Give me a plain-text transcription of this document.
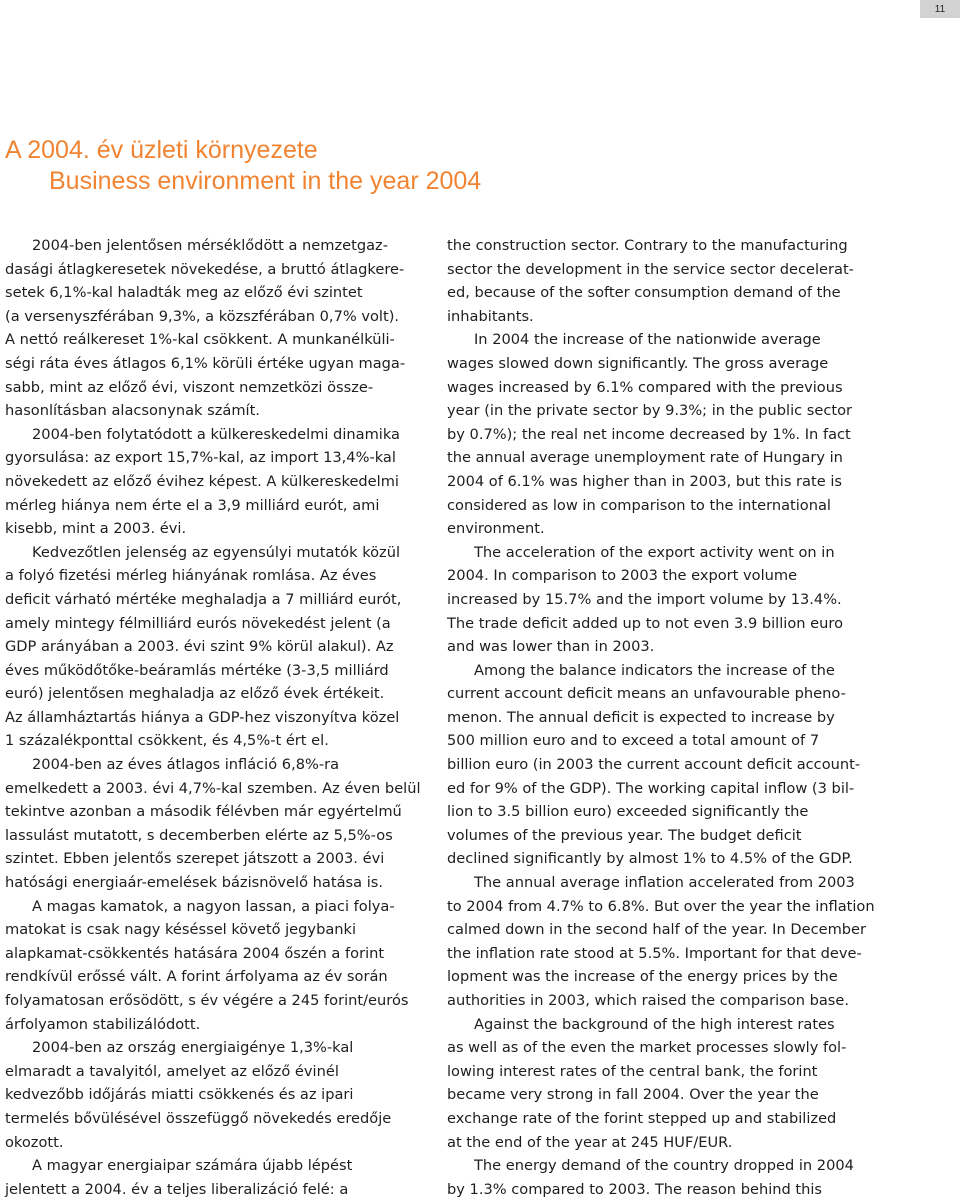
11
A 2004. év üzleti környezete
Business environment in the year 2004

2004-ben jelentősen mérséklődött a nemzetgaz-

dasági átlagkeresetek növekedése, a bruttó átlagkere-

setek 6,1%-kal haladták meg az előző évi szintet

(a versenyszférában 9,3%, a közszférában 0,7% volt).

A nettó reálkereset 1%-kal csökkent. A munkanélküli-

ségi ráta éves átlagos 6,1% körüli értéke ugyan maga-

sabb, mint az előző évi, viszont nemzetközi össze-

hasonlításban alacsonynak számít.

2004-ben folytatódott a külkereskedelmi dinamika

gyorsulása: az export 15,7%-kal, az import 13,4%-kal

növekedett az előző évihez képest. A külkereskedelmi

mérleg hiánya nem érte el a 3,9 milliárd eurót, ami

kisebb, mint a 2003. évi.

Kedvezőtlen jelenség az egyensúlyi mutatók közül

a folyó fizetési mérleg hiányának romlása. Az éves

deficit várható mértéke meghaladja a 7 milliárd eurót,

amely mintegy félmilliárd eurós növekedést jelent (a

GDP arányában a 2003. évi szint 9% körül alakul). Az

éves működőtőke-beáramlás mértéke (3-3,5 milliárd

euró) jelentősen meghaladja az előző évek értékeit.

Az államháztartás hiánya a GDP-hez viszonyítva közel

1 százalékponttal csökkent, és 4,5%-t ért el.

2004-ben az éves átlagos infláció 6,8%-ra

emelkedett a 2003. évi 4,7%-kal szemben. Az éven belül

tekintve azonban a második félévben már egyértelmű

lassulást mutatott, s decemberben elérte az 5,5%-os

szintet. Ebben jelentős szerepet játszott a 2003. évi

hatósági energiaár-emelések bázisnövelő hatása is.

A magas kamatok, a nagyon lassan, a piaci folya-

matokat is csak nagy késéssel követő jegybanki

alapkamat-csökkentés hatására 2004 őszén a forint

rendkívül erőssé vált. A forint árfolyama az év során

folyamatosan erősödött, s év végére a 245 forint/eurós

árfolyamon stabilizálódott.

2004-ben az ország energiaigénye 1,3%-kal

elmaradt a tavalyitól, amelyet az előző évinél

kedvezőbb időjárás miatti csökkenés és az ipari

termelés bővülésével összefüggő növekedés eredője

okozott.

A magyar energiaipar számára újabb lépést

jelentett a 2004. év a teljes liberalizáció felé: a

the construction sector. Contrary to the manufacturing

sector the development in the service sector decelerat-

ed, because of the softer consumption demand of the

inhabitants.

In 2004 the increase of the nationwide average

wages slowed down significantly. The gross average

wages increased by 6.1% compared with the previous

year (in the private sector by 9.3%; in the public sector

by 0.7%); the real net income decreased by 1%. In fact

the annual average unemployment rate of Hungary in

2004 of 6.1% was higher than in 2003, but this rate is

considered as low in comparison to the international

environment.

The acceleration of the export activity went on in

2004. In comparison to 2003 the export volume

increased by 15.7% and the import volume by 13.4%.

The trade deficit added up to not even 3.9 billion euro

and was lower than in 2003.

Among the balance indicators the increase of the

current account deficit means an unfavourable pheno-

menon. The annual deficit is expected to increase by

500 million euro and to exceed a total amount of 7

billion euro (in 2003 the current account deficit account-

ed for 9% of the GDP). The working capital inflow (3 bil-

lion to 3.5 billion euro) exceeded significantly the

volumes of the previous year. The budget deficit

declined significantly by almost 1% to 4.5% of the GDP.

The annual average inflation accelerated from 2003

to 2004 from 4.7% to 6.8%. But over the year the inflation

calmed down in the second half of the year. In December

the inflation rate stood at 5.5%. Important for that deve-

lopment was the increase of the energy prices by the

authorities in 2003, which raised the comparison base.

Against the background of the high interest rates

as well as of the even the market processes slowly fol-

lowing interest rates of the central bank, the forint

became very strong in fall 2004. Over the year the

exchange rate of the forint stepped up and stabilized

at the end of the year at 245 HUF/EUR.

The energy demand of the country dropped in 2004

by 1.3% compared to 2003. The reason behind this
